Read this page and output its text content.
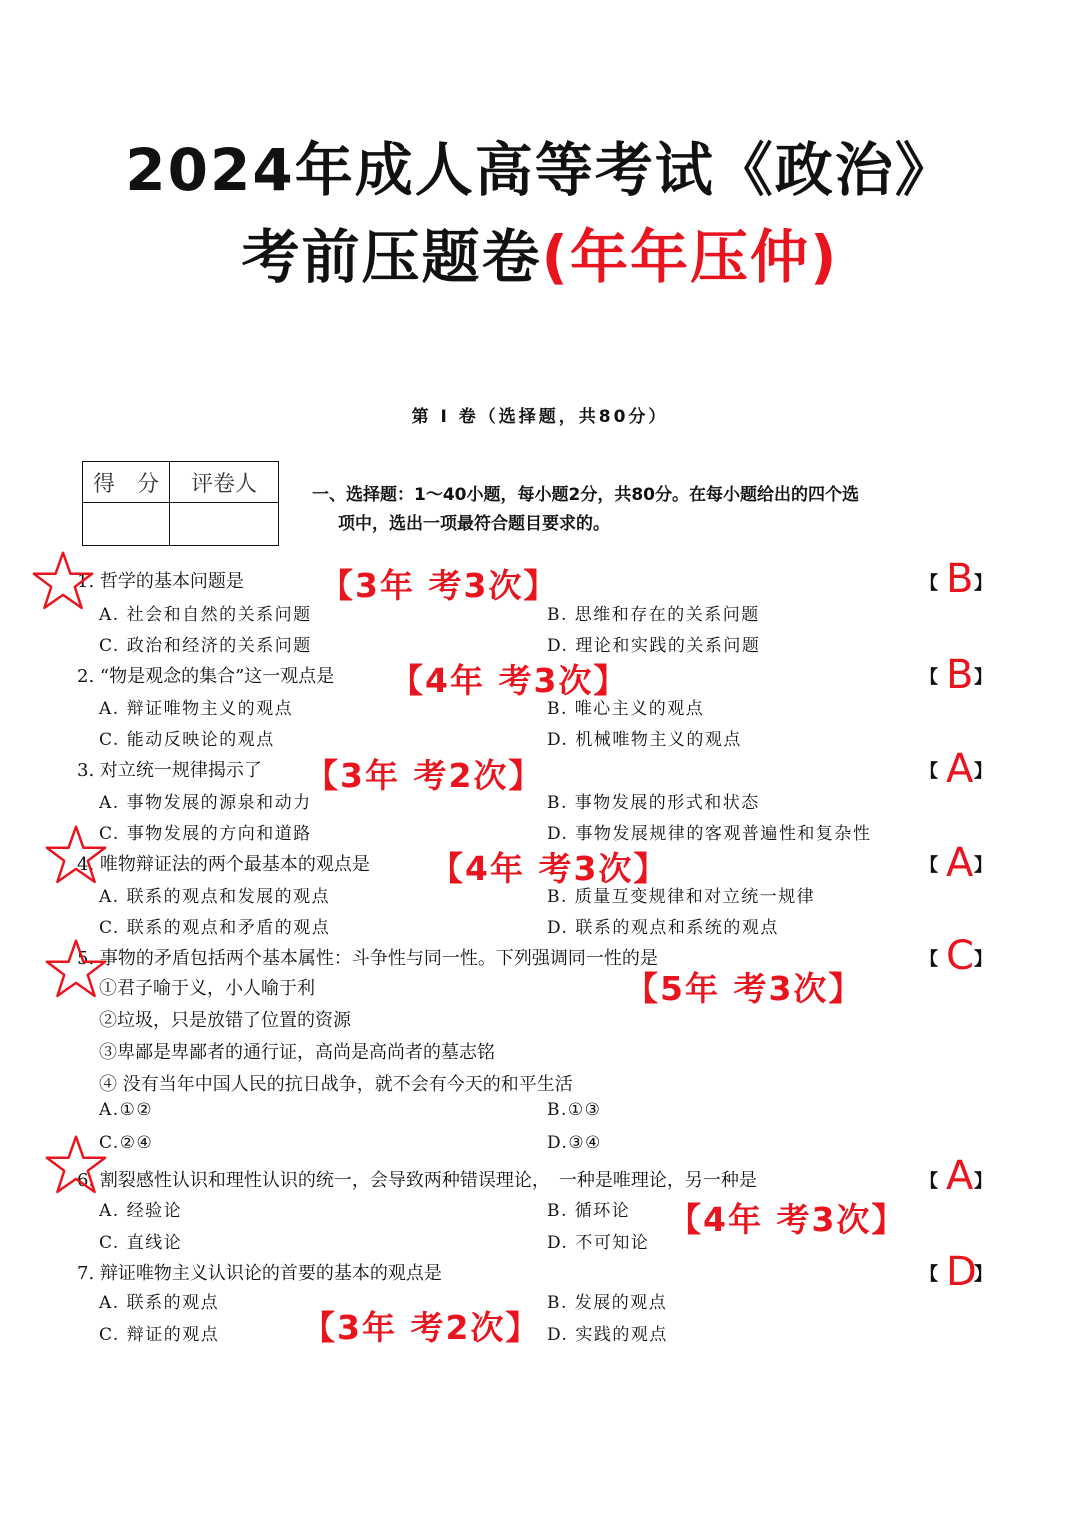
2024年成人高等考试《政治》
考前压题卷(年年压仲)
第 Ⅰ 卷（选择题，共80分）
得　分	评卷人
		一、选择题：1～40小题，每小题2分，共80分。在每小题给出的四个选
项中，选出一项最符合题目要求的。
1. 哲学的基本问题是
A. 社会和自然的关系问题	B. 思维和存在的关系问题
C. 政治和经济的关系问题	D. 理论和实践的关系问题
【3年 考3次】	【 】
B
2. “物是观念的集合”这一观点是
A. 辩证唯物主义的观点	B. 唯心主义的观点
C. 能动反映论的观点	D. 机械唯物主义的观点
【4年 考3次】	【 】
B
3. 对立统一规律揭示了
A. 事物发展的源泉和动力	B. 事物发展的形式和状态
C. 事物发展的方向和道路	D. 事物发展规律的客观普遍性和复杂性
【3年 考2次】	【 】
A
4. 唯物辩证法的两个最基本的观点是
A. 联系的观点和发展的观点	B. 质量互变规律和对立统一规律
C. 联系的观点和矛盾的观点	D. 联系的观点和系统的观点
【4年 考3次】	【 】
A
5. 事物的矛盾包括两个基本属性：斗争性与同一性。下列强调同一性的是
①君子喻于义，小人喻于利
②垃圾，只是放错了位置的资源
③卑鄙是卑鄙者的通行证，高尚是高尚者的墓志铭
④ 没有当年中国人民的抗日战争，就不会有今天的和平生活
A.①②	B.①③
C.②④	D.③④
【5年 考3次】
【 】
C
6. 割裂感性认识和理性认识的统一，会导致两种错误理论，　一种是唯理论，另一种是
A. 经验论	B. 循环论
C. 直线论	D. 不可知论
【4年 考3次】
【 】
A
7. 辩证唯物主义认识论的首要的基本的观点是
A. 联系的观点	B. 发展的观点
C. 辩证的观点	D. 实践的观点
【3年 考2次】
【 】
D
